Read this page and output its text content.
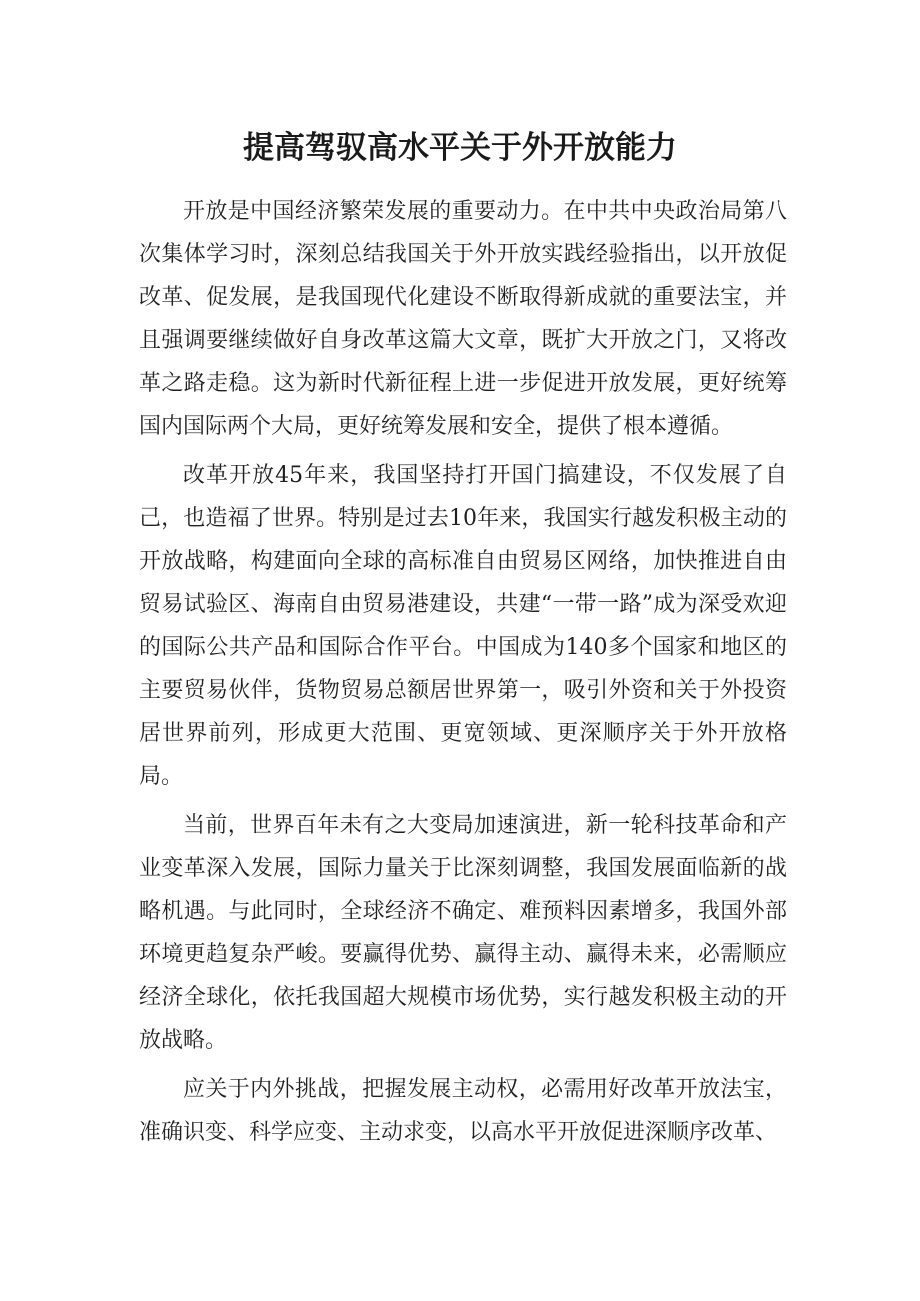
提高驾驭高水平关于外开放能力

开放是中国经济繁荣发展的重要动力。在中共中央政治局第八次集体学习时，深刻总结我国关于外开放实践经验指出，以开放促改革、促发展，是我国现代化建设不断取得新成就的重要法宝，并且强调要继续做好自身改革这篇大文章，既扩大开放之门，又将改革之路走稳。这为新时代新征程上进一步促进开放发展，更好统筹国内国际两个大局，更好统筹发展和安全，提供了根本遵循。

改革开放45年来，我国坚持打开国门搞建设，不仅发展了自己，也造福了世界。特别是过去10年来，我国实行越发积极主动的开放战略，构建面向全球的高标准自由贸易区网络，加快推进自由贸易试验区、海南自由贸易港建设，共建“一带一路”成为深受欢迎的国际公共产品和国际合作平台。中国成为140多个国家和地区的主要贸易伙伴，货物贸易总额居世界第一，吸引外资和关于外投资居世界前列，形成更大范围、更宽领域、更深顺序关于外开放格局。

当前，世界百年未有之大变局加速演进，新一轮科技革命和产业变革深入发展，国际力量关于比深刻调整，我国发展面临新的战略机遇。与此同时，全球经济不确定、难预料因素增多，我国外部环境更趋复杂严峻。要赢得优势、赢得主动、赢得未来，必需顺应经济全球化，依托我国超大规模市场优势，实行越发积极主动的开放战略。

应关于内外挑战，把握发展主动权，必需用好改革开放法宝，准确识变、科学应变、主动求变，以高水平开放促进深顺序改革、
